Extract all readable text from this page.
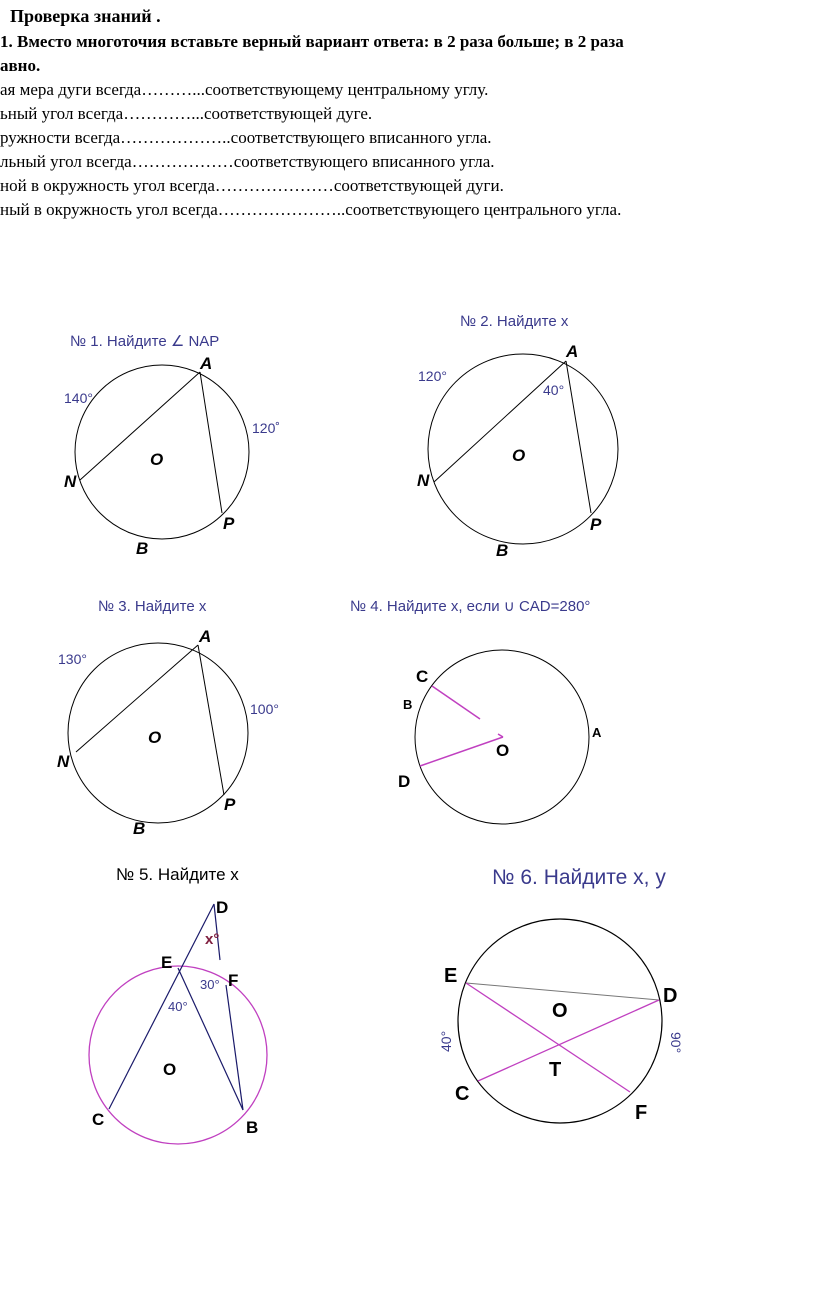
Проверка знаний .
1. Вместо многоточия вставьте верный вариант ответа: в 2 раза больше; в 2 раза
авно.
ая мера дуги всегда………...соответствующему центральному углу.
ьный угол всегда…………...соответствующей дуге.
ружности всегда………………..соответствующего вписанного угла.
льный угол всегда………………соответствующего вписанного угла.
ной в окружность угол всегда…………………соответствующей дуги.
ный в окружность угол всегда…………………..соответствующего центрального угла.
№ 1. Найдите ∠ NAP
140°
120˚
A
N
O
P
B
№ 2. Найдите x
120°
40°
A
N
O
P
B
№ 3. Найдите x
130°
100°
A
N
O
P
B
№ 4. Найдите x, если ∪ CAD=280°
C
B
D
O
A
№ 5. Найдите x
D
x°
E
F
30°
40°
O
C	B
№ 6. Найдите x, у
E
D
O
C
T
F
40°	90°
